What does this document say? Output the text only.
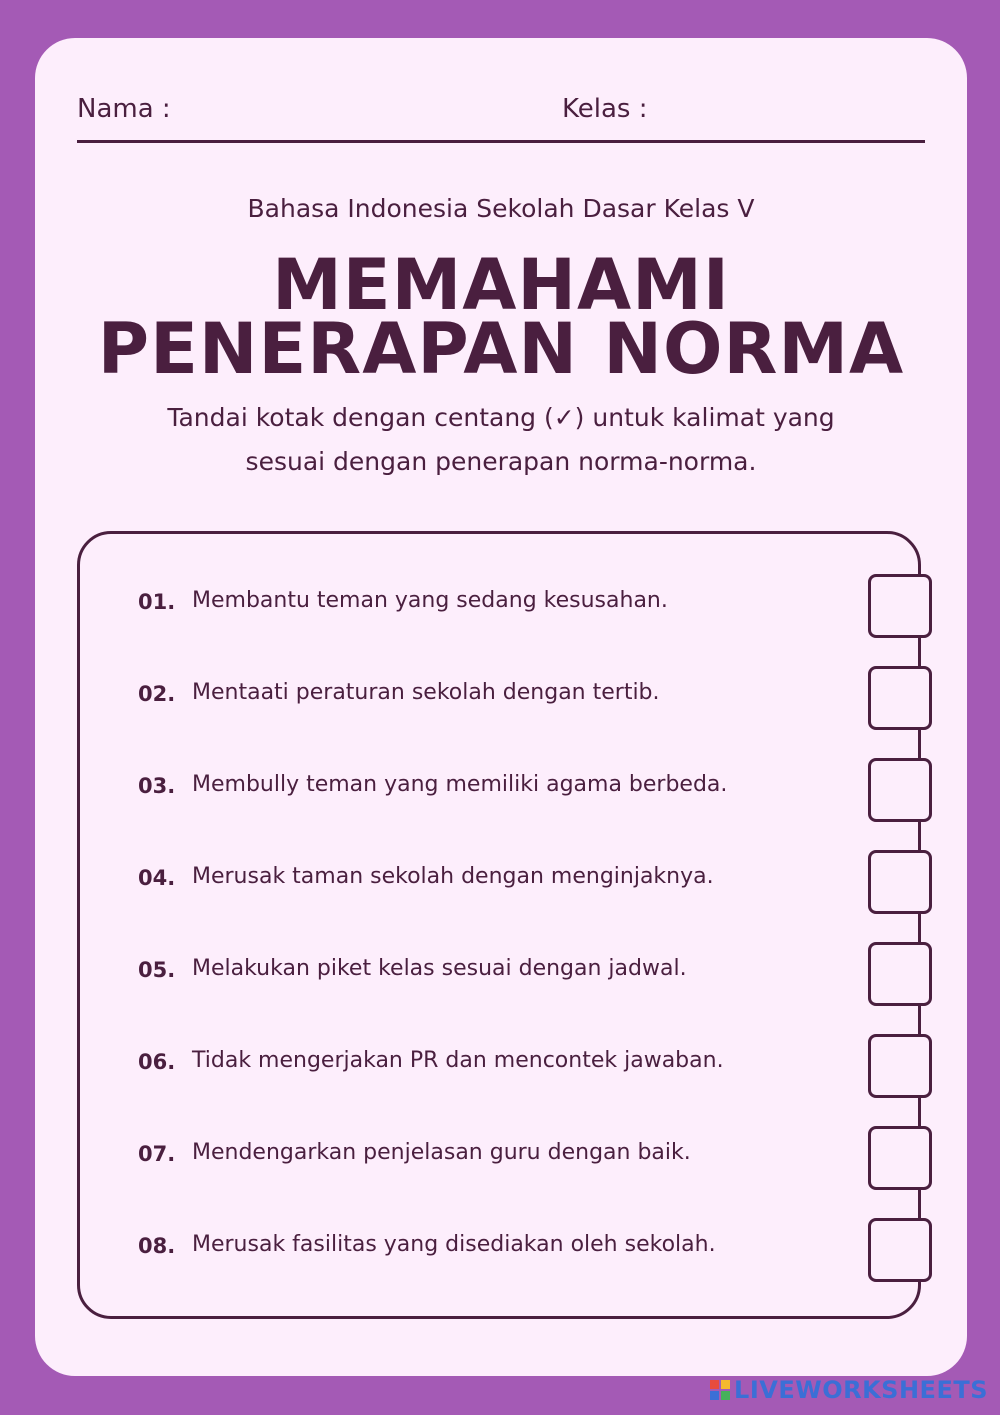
Nama :	Kelas :
Bahasa Indonesia Sekolah Dasar Kelas V
MEMAHAMI
PENERAPAN NORMA
Tandai kotak dengan centang (✓) untuk kalimat yang
sesuai dengan penerapan norma-norma.
01. Membantu teman yang sedang kesusahan.
02. Mentaati peraturan sekolah dengan tertib.
03. Membully teman yang memiliki agama berbeda.
04. Merusak taman sekolah dengan menginjaknya.
05. Melakukan piket kelas sesuai dengan jadwal.
06. Tidak mengerjakan PR dan mencontek jawaban.
07. Mendengarkan penjelasan guru dengan baik.
08. Merusak fasilitas yang disediakan oleh sekolah.
LIVEWORKSHEETS
